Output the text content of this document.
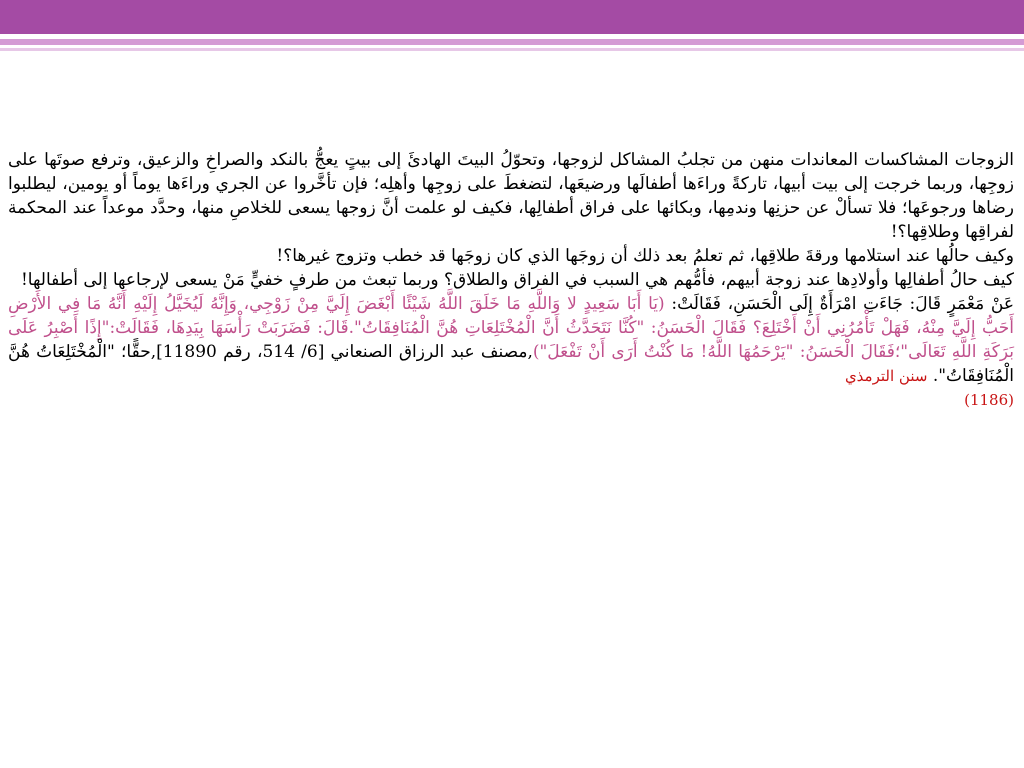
الزوجات المشاكسات المعاندات منهن من تجلبُ المشاكل لزوجها، وتحوّلُ البيتَ الهادئَ إلى بيتٍ يعجُّ بالنكد والصراخِ والزعيق، وترفع صوتَها على زوجِها، وربما خرجت إلى بيت أبيها، تاركةً وراءَها أطفالَها ورضيعَها، لتضغطَ على زوجِها وأهلِه؛ فإن تأخَّروا عن الجري وراءَها يوماً أو يومين، ليطلبوا رضاها ورجوعَها؛ فلا تسألْ عن حزنِها وندمِها، وبكائها على فراق أطفالِها، فكيف لو علمت أنَّ زوجها يسعى للخلاصِ منها، وحدَّد موعداً عند المحكمة لفراقِها وطلاقِها؟!

وكيف حالُها عند استلامها ورقةَ طلاقِها، ثم تعلمُ بعد ذلك أن زوجَها الذي كان زوجَها قد خطب وتزوج غيرها؟!

كيف حالُ أطفالِها وأولادِها عند زوجة أبيهم، فأمُّهم هي السبب في الفراق والطلاق؟ وربما تبعث من طرفٍ خفيٍّ مَنْ يسعى لإرجاعها إلى أطفالها!

عَنْ مَعْمَرٍ قَالَ: جَاءَتِ امْرَأَةٌ إِلَى الْحَسَنِ، فَقَالَتْ: (يَا أَبَا سَعِيدٍ لا وَاللَّهِ مَا خَلَقَ اللَّهُ شَيْئًا أَبْغَضَ إِلَيَّ مِنْ زَوْجِي، وَإِنَّهُ لَيُخَيَّلُ إِلَيْهِ أَنَّهُ مَا فِي الأَرْضِ أَحَبُّ إِلَيَّ مِنْهُ، فَهَلْ تَأْمُرُنِي أَنْ أَخْتَلِعَ؟ فَقَالَ الْحَسَنُ: "كُنَّا نَتَحَدَّثُ أَنَّ الْمُخْتَلِعَاتِ هُنَّ الْمُنَافِقَاتُ".قَالَ: فَضَرَبَتْ رَأْسَهَا بِيَدِهَا، فَقَالَتْ:"إِذًا أَصْبِرُ عَلَى بَرَكَةِ اللَّهِ تَعَالَى"؛فَقَالَ الْحَسَنُ: "يَرْحَمُهَا اللَّهُ! مَا كُنْتُ أَرَى أَنْ تَفْعَلَ"),مصنف عبد الرزاق الصنعاني [6/ 514، رقم 11890],حقًّا؛ "الْمُخْتَلِعَاتُ هُنَّ الْمُنَافِقَاتُ". سنن الترمذي
(1186)
